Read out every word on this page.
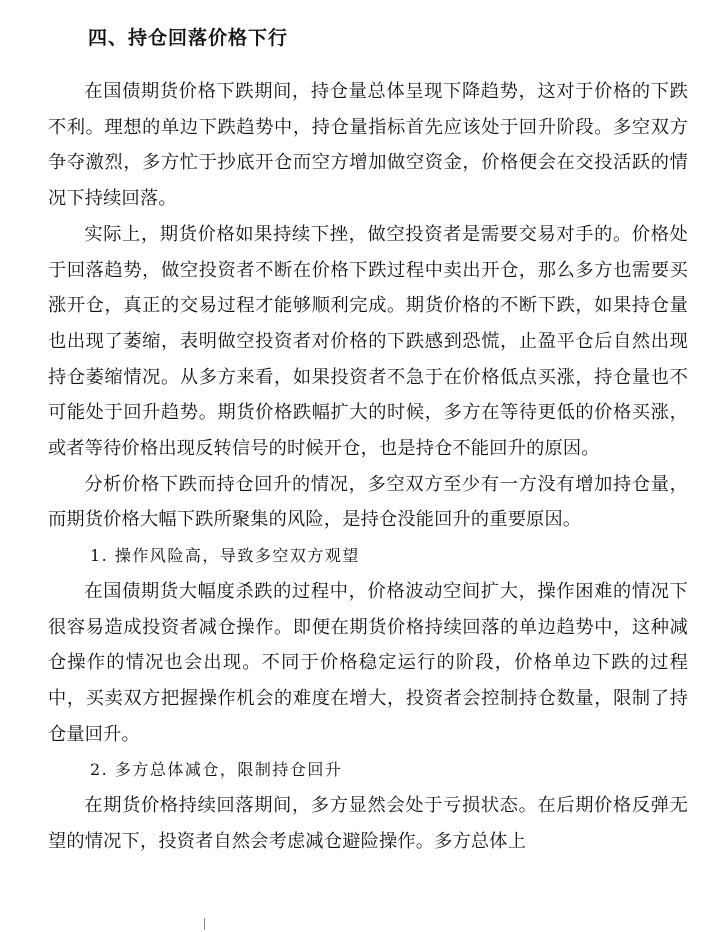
四、持仓回落价格下行

在国债期货价格下跌期间，持仓量总体呈现下降趋势，这对于价格的下跌不利。理想的单边下跌趋势中，持仓量指标首先应该处于回升阶段。多空双方争夺激烈，多方忙于抄底开仓而空方增加做空资金，价格便会在交投活跃的情况下持续回落。

实际上，期货价格如果持续下挫，做空投资者是需要交易对手的。价格处于回落趋势，做空投资者不断在价格下跌过程中卖出开仓，那么多方也需要买涨开仓，真正的交易过程才能够顺利完成。期货价格的不断下跌，如果持仓量也出现了萎缩，表明做空投资者对价格的下跌感到恐慌，止盈平仓后自然出现持仓萎缩情况。从多方来看，如果投资者不急于在价格低点买涨，持仓量也不可能处于回升趋势。期货价格跌幅扩大的时候，多方在等待更低的价格买涨，或者等待价格出现反转信号的时候开仓，也是持仓不能回升的原因。

分析价格下跌而持仓回升的情况，多空双方至少有一方没有增加持仓量，而期货价格大幅下跌所聚集的风险，是持仓没能回升的重要原因。

1. 操作风险高，导致多空双方观望

在国债期货大幅度杀跌的过程中，价格波动空间扩大，操作困难的情况下很容易造成投资者减仓操作。即便在期货价格持续回落的单边趋势中，这种减仓操作的情况也会出现。不同于价格稳定运行的阶段，价格单边下跌的过程中，买卖双方把握操作机会的难度在增大，投资者会控制持仓数量，限制了持仓量回升。

2. 多方总体减仓，限制持仓回升

在期货价格持续回落期间，多方显然会处于亏损状态。在后期价格反弹无望的情况下，投资者自然会考虑减仓避险操作。多方总体上
